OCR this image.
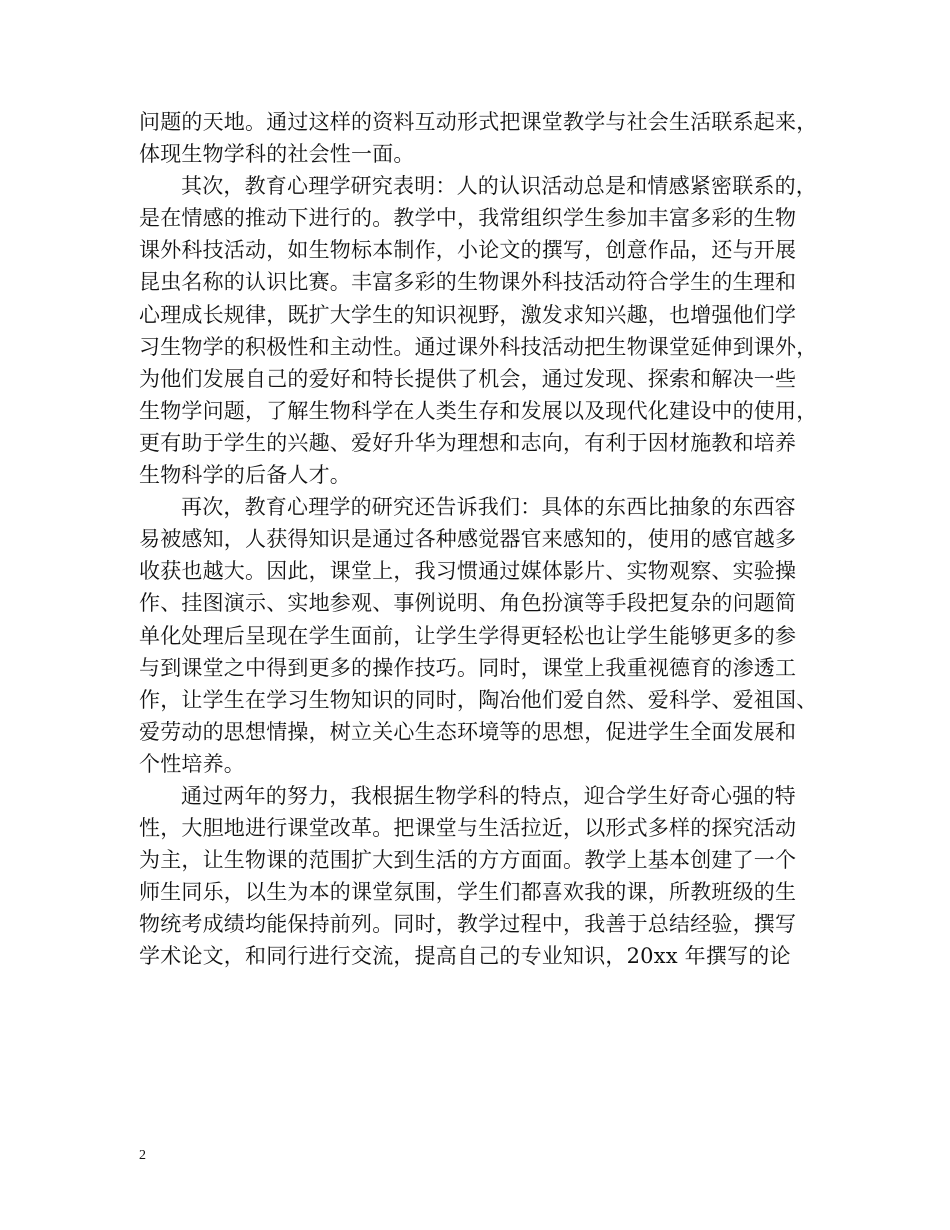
问题的天地。通过这样的资料互动形式把课堂教学与社会生活联系起来，
体现生物学科的社会性一面。
其次，教育心理学研究表明：人的认识活动总是和情感紧密联系的，
是在情感的推动下进行的。教学中，我常组织学生参加丰富多彩的生物
课外科技活动，如生物标本制作，小论文的撰写，创意作品，还与开展
昆虫名称的认识比赛。丰富多彩的生物课外科技活动符合学生的生理和
心理成长规律，既扩大学生的知识视野，激发求知兴趣，也增强他们学
习生物学的积极性和主动性。通过课外科技活动把生物课堂延伸到课外，
为他们发展自己的爱好和特长提供了机会，通过发现、探索和解决一些
生物学问题，了解生物科学在人类生存和发展以及现代化建设中的使用，
更有助于学生的兴趣、爱好升华为理想和志向，有利于因材施教和培养
生物科学的后备人才。
再次，教育心理学的研究还告诉我们：具体的东西比抽象的东西容
易被感知，人获得知识是通过各种感觉器官来感知的，使用的感官越多
收获也越大。因此，课堂上，我习惯通过媒体影片、实物观察、实验操
作、挂图演示、实地参观、事例说明、角色扮演等手段把复杂的问题简
单化处理后呈现在学生面前，让学生学得更轻松也让学生能够更多的参
与到课堂之中得到更多的操作技巧。同时，课堂上我重视德育的渗透工
作，让学生在学习生物知识的同时，陶冶他们爱自然、爱科学、爱祖国、
爱劳动的思想情操，树立关心生态环境等的思想，促进学生全面发展和
个性培养。
通过两年的努力，我根据生物学科的特点，迎合学生好奇心强的特
性，大胆地进行课堂改革。把课堂与生活拉近，以形式多样的探究活动
为主，让生物课的范围扩大到生活的方方面面。教学上基本创建了一个
师生同乐，以生为本的课堂氛围，学生们都喜欢我的课，所教班级的生
物统考成绩均能保持前列。同时，教学过程中，我善于总结经验，撰写
学术论文，和同行进行交流，提高自己的专业知识，20xx 年撰写的论
2
